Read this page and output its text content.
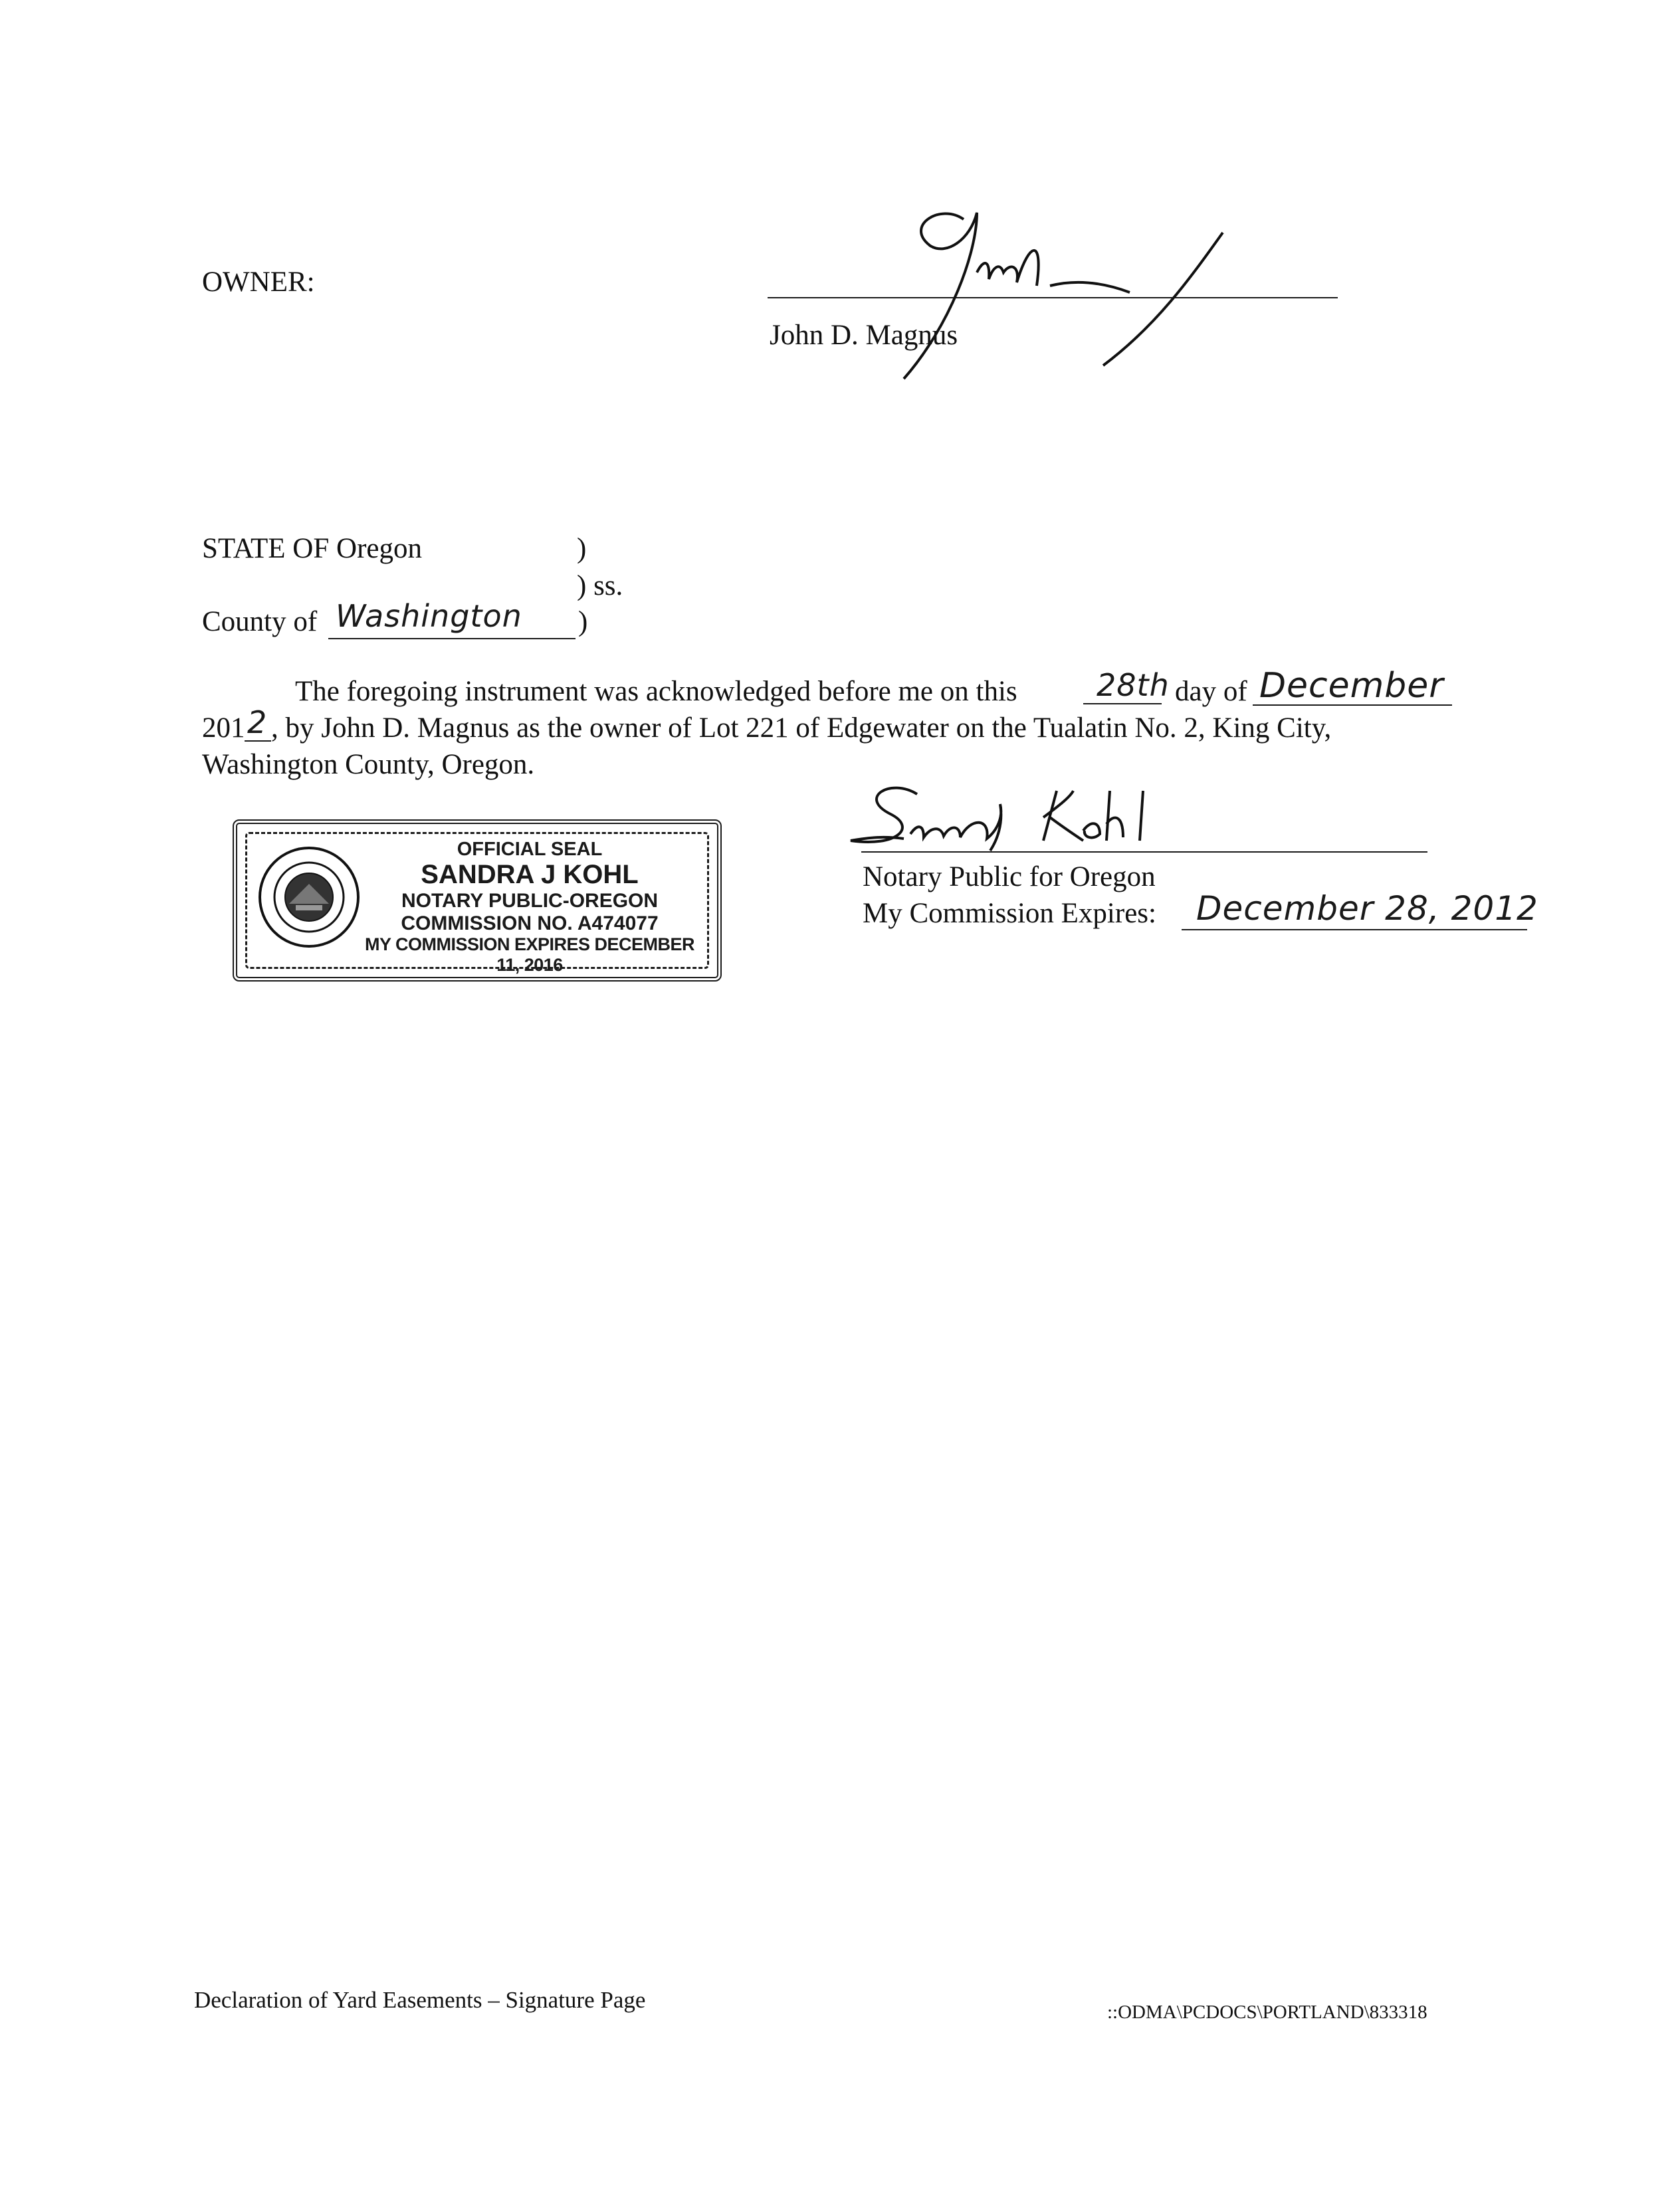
OWNER:
John D. Magnus
STATE OF Oregon	)
) ss.
County of Washington )
The foregoing instrument was acknowledged before me on this	28th day of December
201 2 , by John D. Magnus as the owner of Lot 221 of Edgewater on the Tualatin No. 2, King City,
Washington County, Oregon.
OFFICIAL SEAL
SANDRA J KOHL
NOTARY PUBLIC-OREGON
COMMISSION NO. A474077
MY COMMISSION EXPIRES DECEMBER 11, 2016
Notary Public for Oregon
My Commission Expires: December 28, 2012
Declaration of Yard Easements – Signature Page	::ODMA\PCDOCS\PORTLAND\833318
